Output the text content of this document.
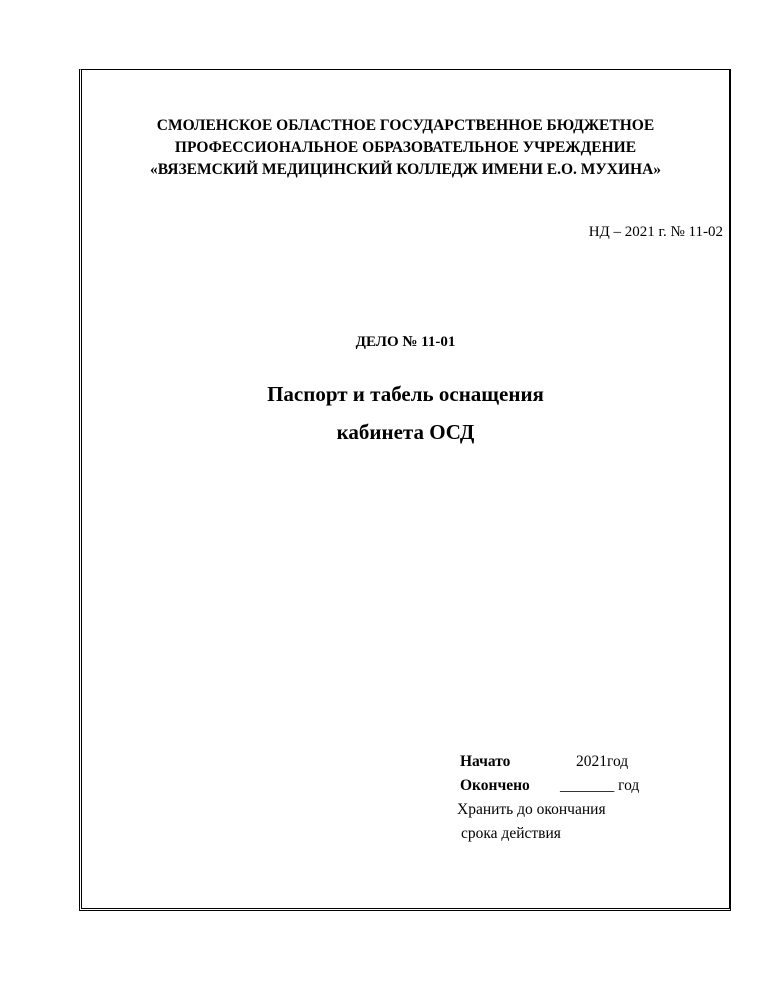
СМОЛЕНСКОЕ ОБЛАСТНОЕ ГОСУДАРСТВЕННОЕ БЮДЖЕТНОЕ
ПРОФЕССИОНАЛЬНОЕ ОБРАЗОВАТЕЛЬНОЕ УЧРЕЖДЕНИЕ
«ВЯЗЕМСКИЙ МЕДИЦИНСКИЙ КОЛЛЕДЖ ИМЕНИ Е.О. МУХИНА»
НД – 2021 г. № 11-02
ДЕЛО № 11-01
Паспорт и табель оснащения
кабинета ОСД
Начато	2021год
Окончено _______ год
Хранить до окончания
срока действия
